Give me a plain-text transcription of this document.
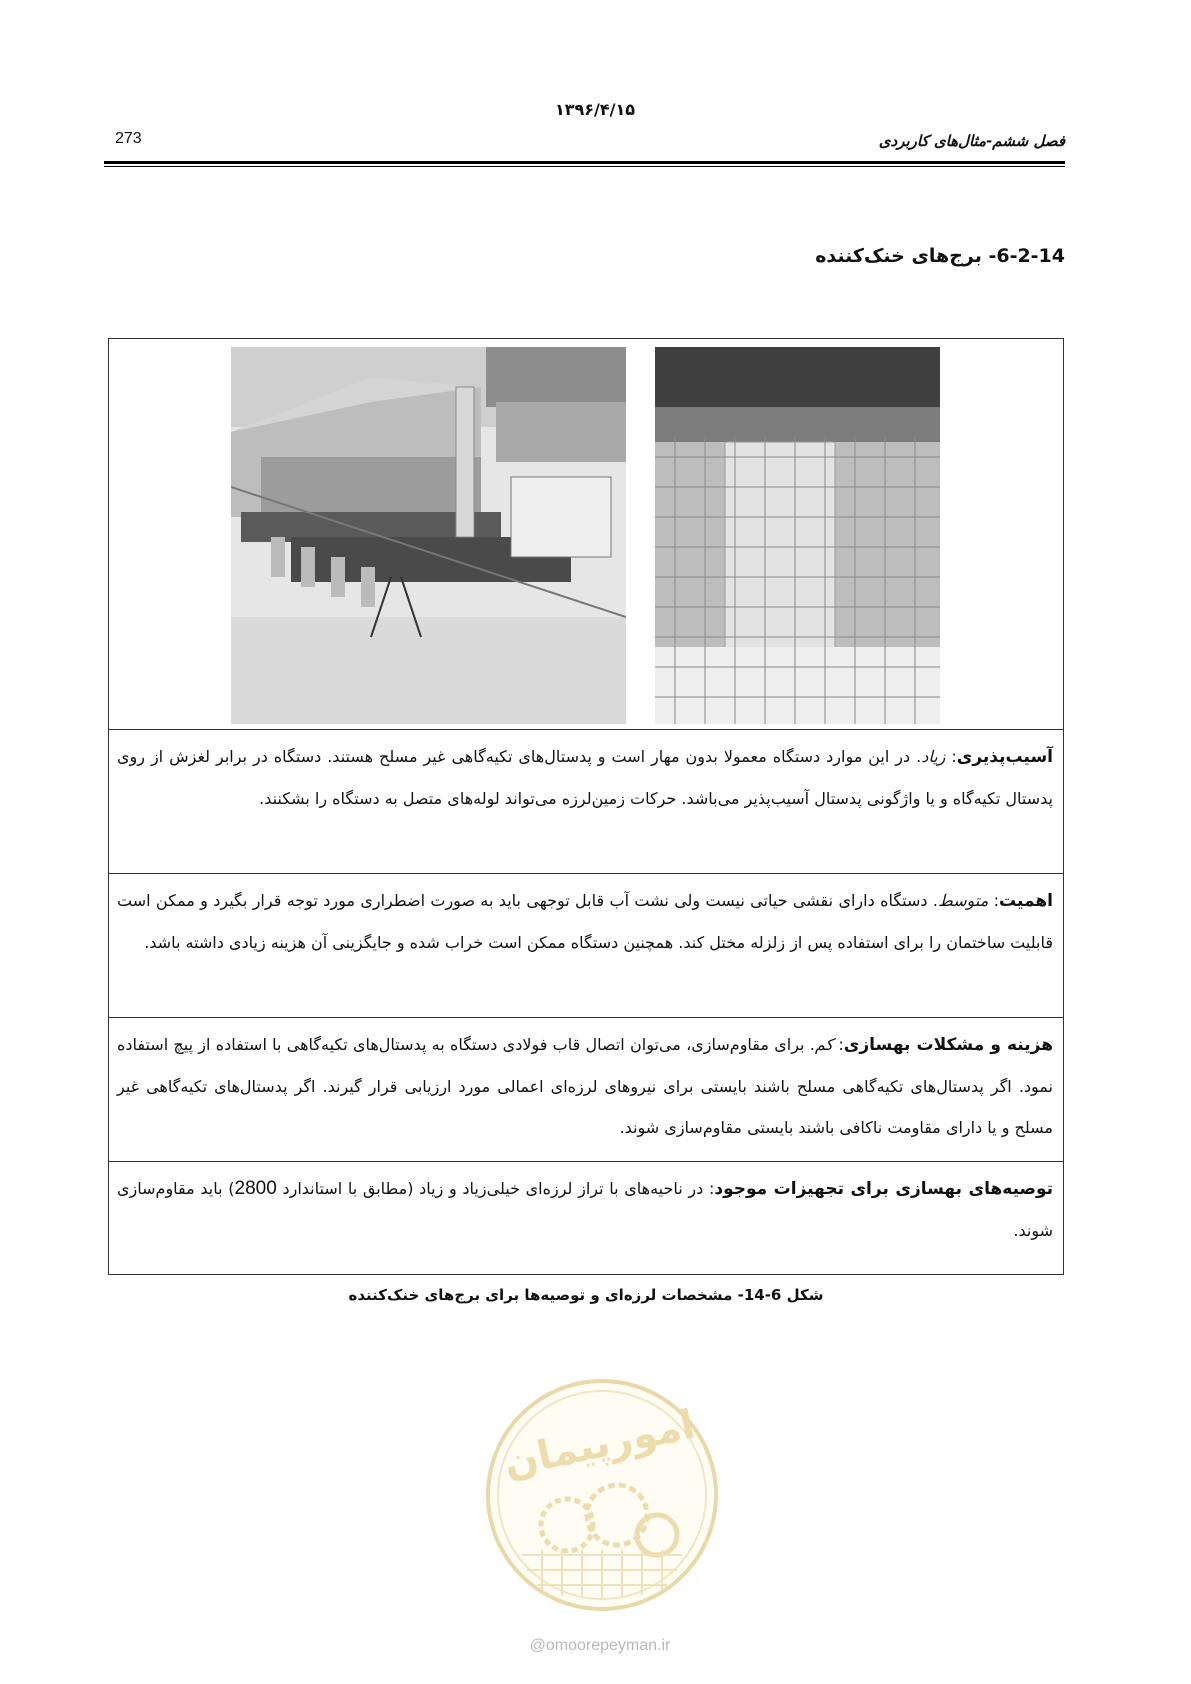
۱۳۹۶/۴/۱۵
273	فصل ششم-مثال‌های کاربردی
6-2-14- برج‌های خنک‌کننده

آسیب‌پذیری: زیاد. در این موارد دستگاه معمولا بدون مهار است و پدستال‌های تکیه‌گاهی غیر مسلح هستند. دستگاه در برابر لغزش از روی پدستال تکیه‌گاه و یا واژگونی پدستال آسیب‌پذیر می‌باشد. حرکات زمین‌لرزه می‌تواند لوله‌های متصل به دستگاه را بشکنند.

اهمیت: متوسط. دستگاه دارای نقشی حیاتی نیست ولی نشت آب قابل توجهی باید به صورت اضطراری مورد توجه قرار بگیرد و ممکن است قابلیت ساختمان را برای استفاده پس از زلزله مختل کند. همچنین دستگاه ممکن است خراب شده و جایگزینی آن هزینه زیادی داشته باشد.

هزینه و مشکلات بهسازی: کم. برای مقاوم‌سازی، می‌توان اتصال قاب فولادی دستگاه به پدستال‌های تکیه‌گاهی با استفاده از پیچ استفاده نمود. اگر پدستال‌های تکیه‌گاهی مسلح باشند بایستی برای نیروهای لرزه‌ای اعمالی مورد ارزیابی قرار گیرند. اگر پدستال‌های تکیه‌گاهی غیر مسلح و یا دارای مقاومت ناکافی باشند بایستی مقاوم‌سازی شوند.

توصیه‌های بهسازی برای تجهیزات موجود: در ناحیه‌های با تراز لرزه‌ای خیلی‌زیاد و زیاد (مطابق با استاندارد 2800) باید مقاوم‌سازی شوند.

شکل 6-14- مشخصات لرزه‌ای و توصیه‌ها برای برج‌های خنک‌کننده
امورپیمان
@omoorepeyman.ir
